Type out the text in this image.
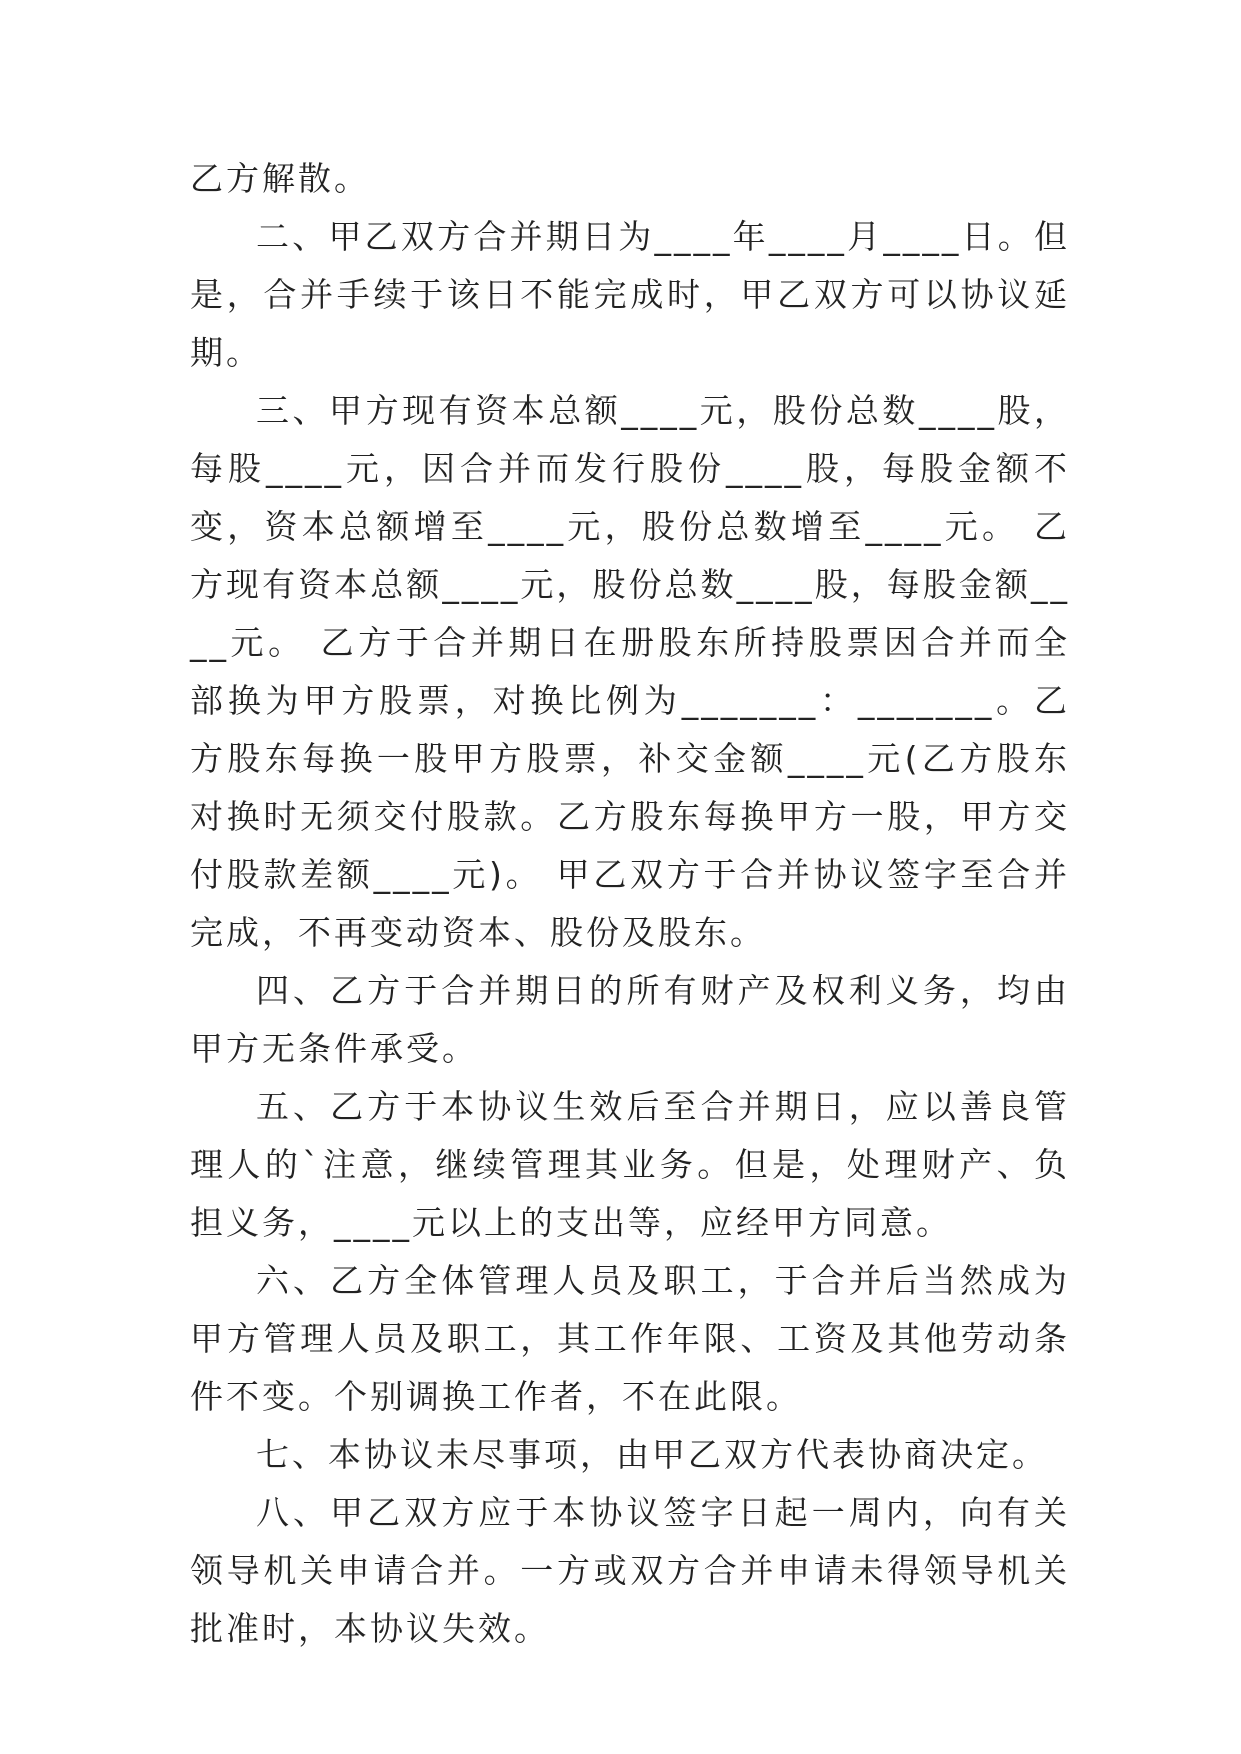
乙方解散。

二、甲乙双方合并期日为____年____月____日。但是，合并手续于该日不能完成时，甲乙双方可以协议延期。

三、甲方现有资本总额____元，股份总数____股，每股____元，因合并而发行股份____股，每股金额不变，资本总额增至____元，股份总数增至____元。 乙方现有资本总额____元，股份总数____股，每股金额____元。 乙方于合并期日在册股东所持股票因合并而全部换为甲方股票，对换比例为_______：_______。乙方股东每换一股甲方股票，补交金额____元(乙方股东对换时无须交付股款。乙方股东每换甲方一股，甲方交付股款差额____元)。 甲乙双方于合并协议签字至合并完成，不再变动资本、股份及股东。

四、乙方于合并期日的所有财产及权利义务，均由甲方无条件承受。

五、乙方于本协议生效后至合并期日，应以善良管理人的`注意，继续管理其业务。但是，处理财产、负担义务，____元以上的支出等，应经甲方同意。

六、乙方全体管理人员及职工，于合并后当然成为甲方管理人员及职工，其工作年限、工资及其他劳动条件不变。个别调换工作者，不在此限。

七、本协议未尽事项，由甲乙双方代表协商决定。

八、甲乙双方应于本协议签字日起一周内，向有关领导机关申请合并。一方或双方合并申请未得领导机关批准时，本协议失效。
